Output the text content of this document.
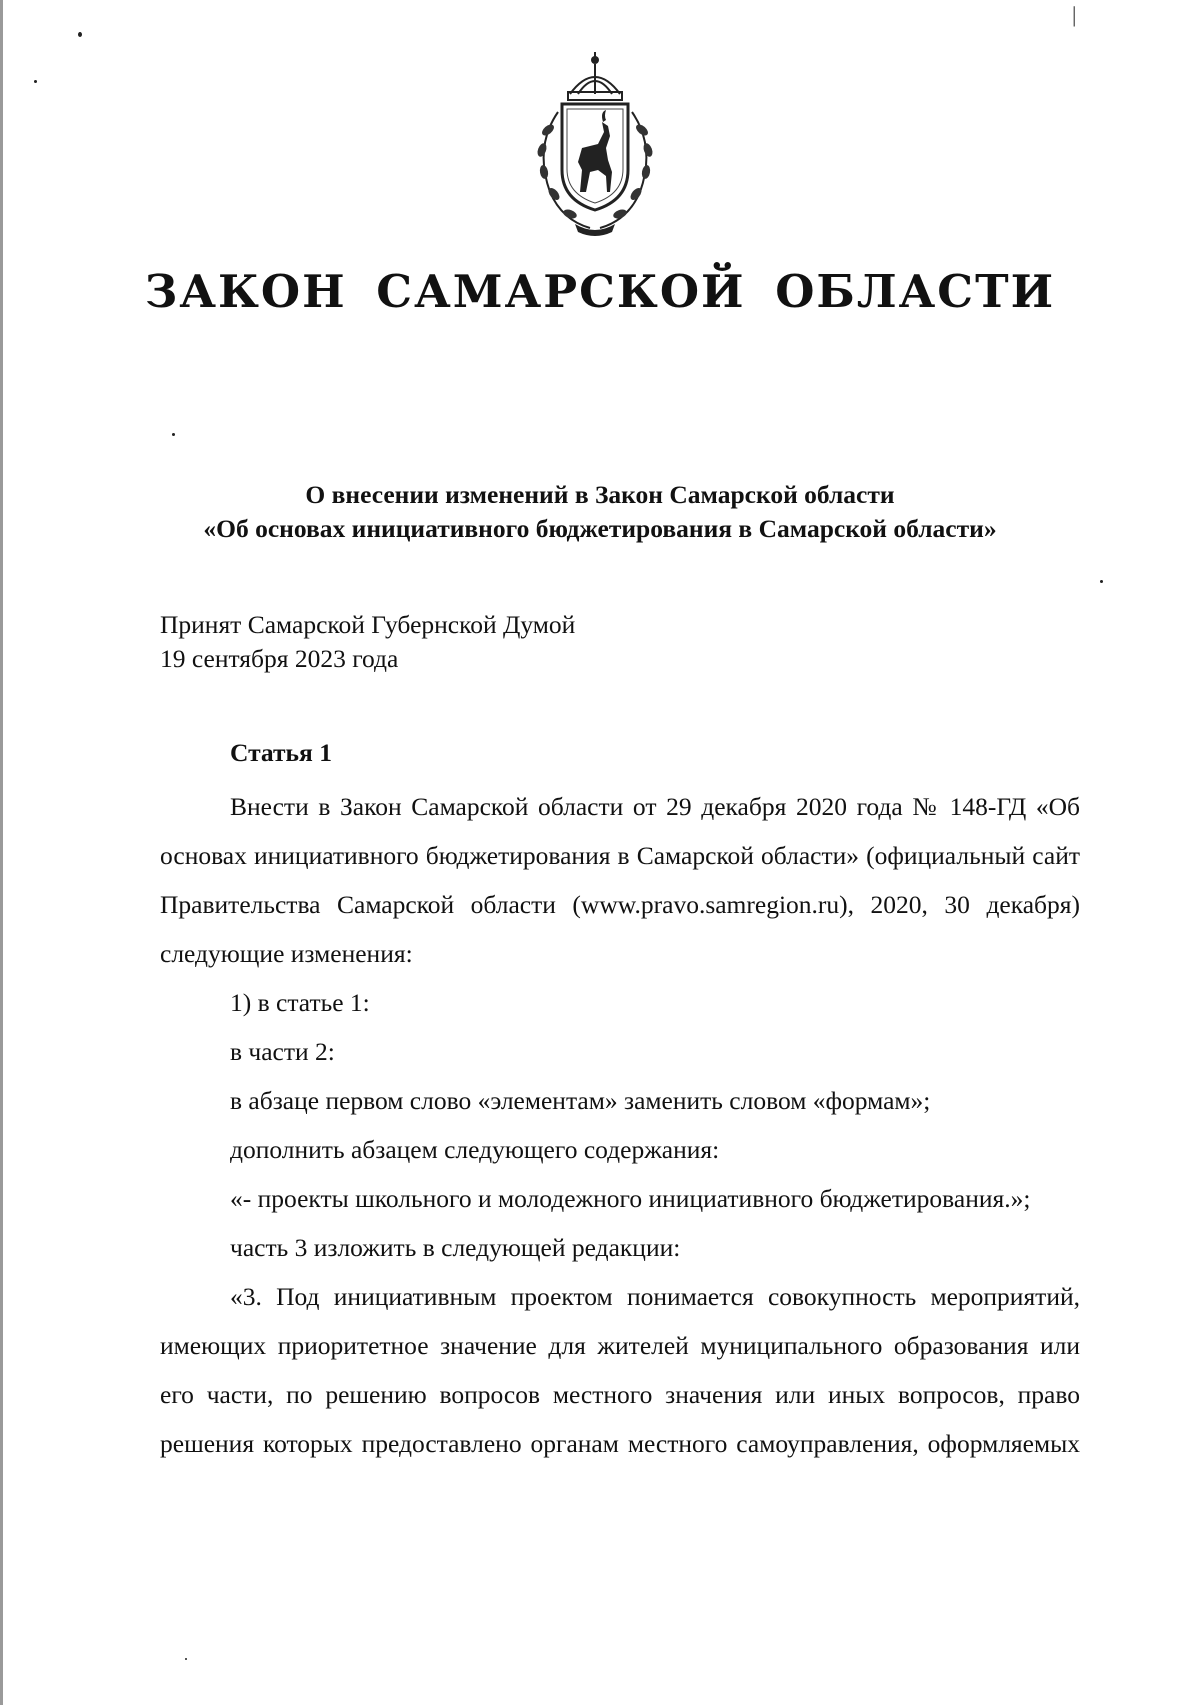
|
ЗАКОН САМАРСКОЙ ОБЛАСТИ
О внесении изменений в Закон Самарской области
«Об основах инициативного бюджетирования в Самарской области»
Принят Самарской Губернской Думой
19 сентября 2023 года
Статья 1

Внести в Закон Самарской области от 29 декабря 2020 года № 148-ГД «Об основах инициативного бюджетирования в Самарской области» (официальный сайт Правительства Самарской области (www.pravo.samregion.ru), 2020, 30 декабря) следующие изменения:

1) в статье 1:

в части 2:

в абзаце первом слово «элементам» заменить словом «формам»;

дополнить абзацем следующего содержания:

«- проекты школьного и молодежного инициативного бюджетирования.»;

часть 3 изложить в следующей редакции:

«3. Под инициативным проектом понимается совокупность мероприятий, имеющих приоритетное значение для жителей муниципального образования или его части, по решению вопросов местного значения или иных вопросов, право решения которых предоставлено органам местного самоуправления, оформляемых
